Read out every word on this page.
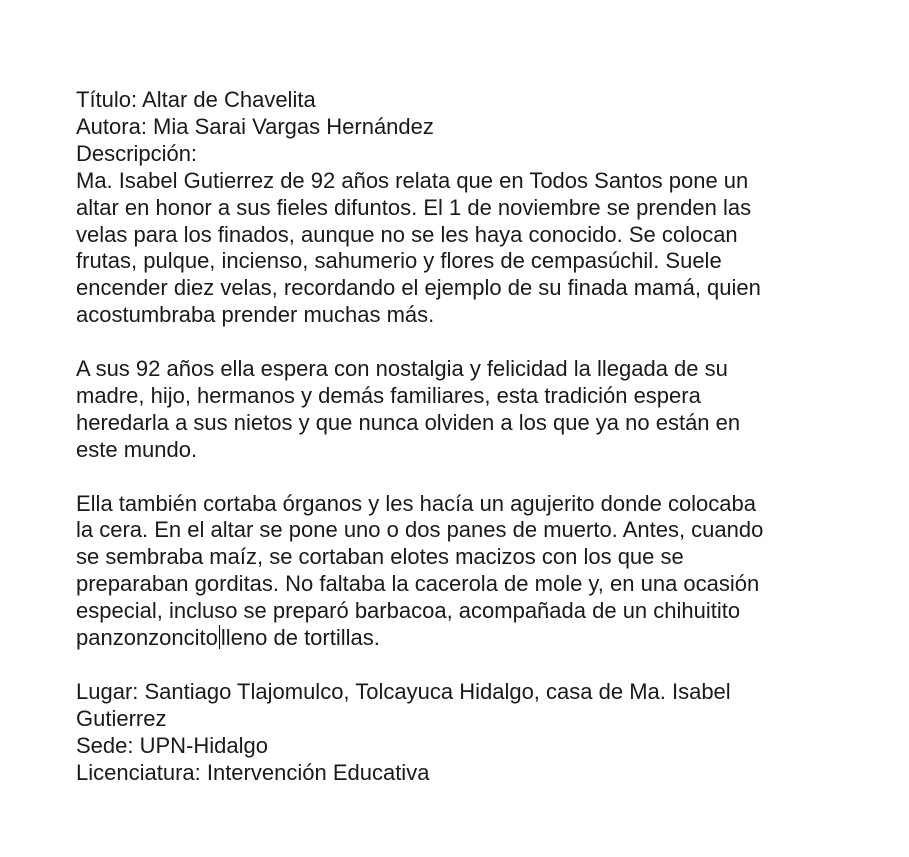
Título: Altar de Chavelita
Autora: Mia Sarai Vargas Hernández
Descripción:
Ma. Isabel Gutierrez de 92 años relata que en Todos Santos pone un
altar en honor a sus fieles difuntos. El 1 de noviembre se prenden las
velas para los finados, aunque no se les haya conocido. Se colocan
frutas, pulque, incienso, sahumerio y flores de cempasúchil. Suele
encender diez velas, recordando el ejemplo de su finada mamá, quien
acostumbraba prender muchas más.
A sus 92 años ella espera con nostalgia y felicidad la llegada de su
madre, hijo, hermanos y demás familiares, esta tradición espera
heredarla a sus nietos y que nunca olviden a los que ya no están en
este mundo.
Ella también cortaba órganos y les hacía un agujerito donde colocaba
la cera. En el altar se pone uno o dos panes de muerto. Antes, cuando
se sembraba maíz, se cortaban elotes macizos con los que se
preparaban gorditas. No faltaba la cacerola de mole y, en una ocasión
especial, incluso se preparó barbacoa, acompañada de un chihuitito
panzonzoncito lleno de tortillas.
Lugar: Santiago Tlajomulco, Tolcayuca Hidalgo, casa de Ma. Isabel
Gutierrez
Sede: UPN-Hidalgo
Licenciatura: Intervención Educativa
